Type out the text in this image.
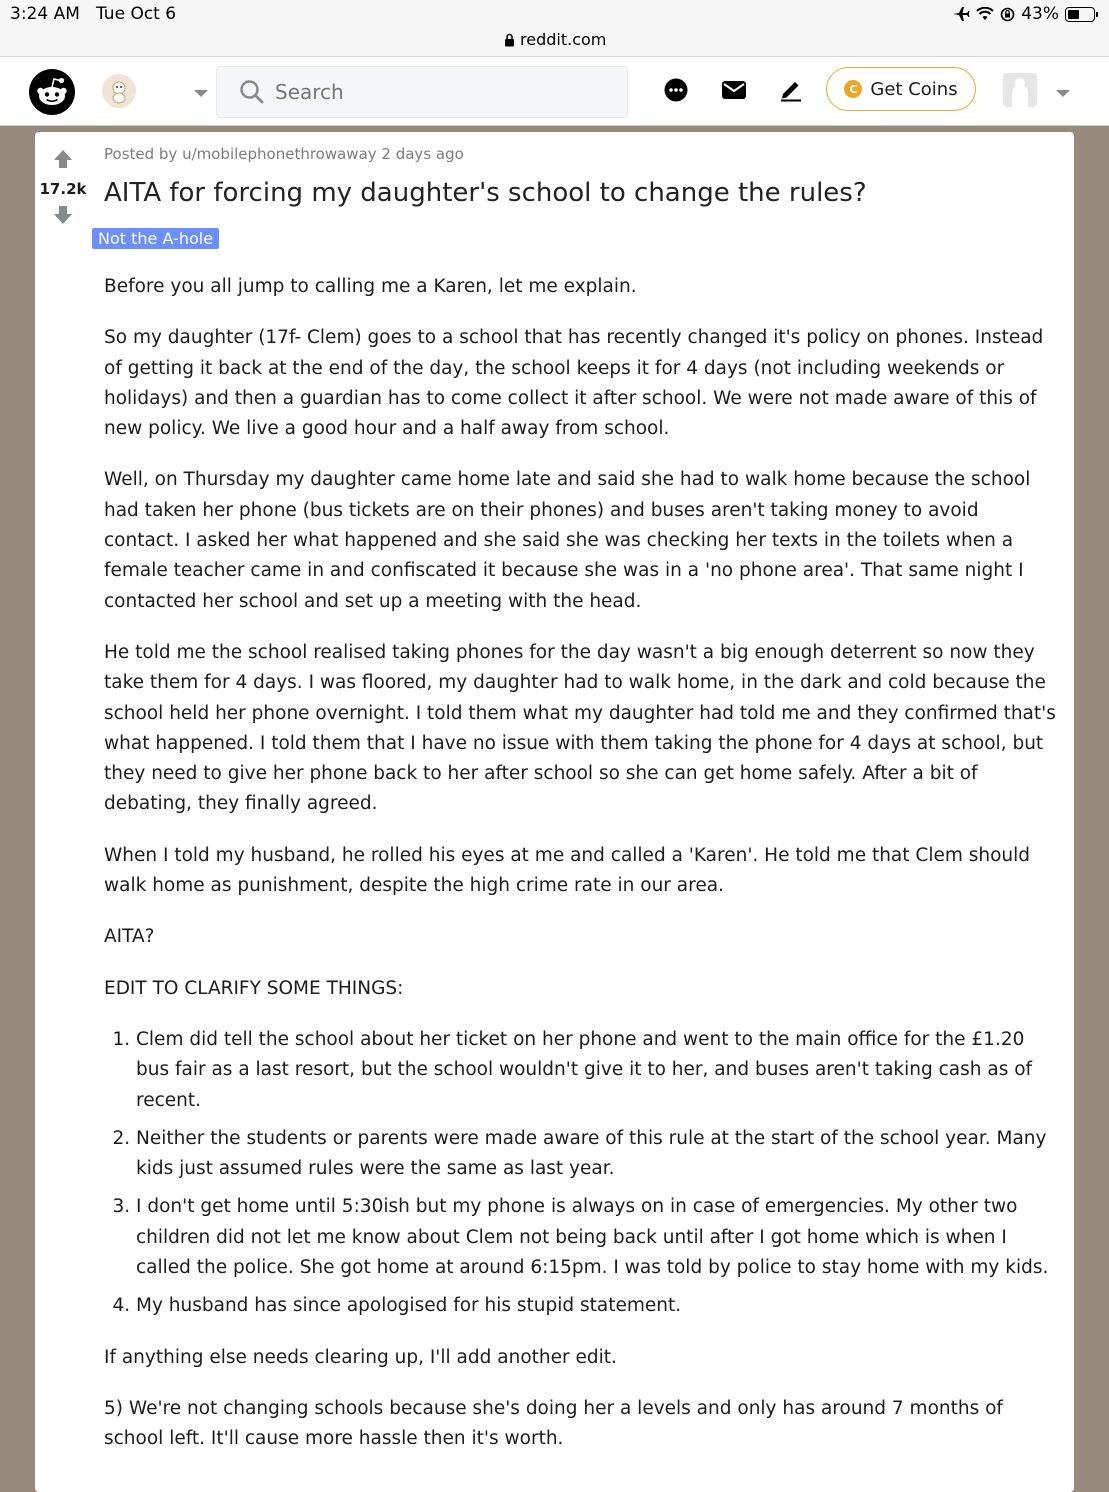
3:24 AM Tue Oct 6	43%
reddit.com
Search
C Get Coins
17.2k
Posted by u/mobilephonethrowaway 2 days ago
AITA for forcing my daughter's school to change the rules?
Not the A-hole

Before you all jump to calling me a Karen, let me explain.

So my daughter (17f- Clem) goes to a school that has recently changed it's policy on phones. Instead of getting it back at the end of the day, the school keeps it for 4 days (not including weekends or holidays) and then a guardian has to come collect it after school. We were not made aware of this of new policy. We live a good hour and a half away from school.

Well, on Thursday my daughter came home late and said she had to walk home because the school had taken her phone (bus tickets are on their phones) and buses aren't taking money to avoid contact. I asked her what happened and she said she was checking her texts in the toilets when a female teacher came in and confiscated it because she was in a 'no phone area'. That same night I contacted her school and set up a meeting with the head.

He told me the school realised taking phones for the day wasn't a big enough deterrent so now they take them for 4 days. I was floored, my daughter had to walk home, in the dark and cold because the school held her phone overnight. I told them what my daughter had told me and they confirmed that's what happened. I told them that I have no issue with them taking the phone for 4 days at school, but they need to give her phone back to her after school so she can get home safely. After a bit of debating, they finally agreed.

When I told my husband, he rolled his eyes at me and called a 'Karen'. He told me that Clem should walk home as punishment, despite the high crime rate in our area.

AITA?

EDIT TO CLARIFY SOME THINGS:

1. Clem did tell the school about her ticket on her phone and went to the main office for the £1.20 bus fair as a last resort, but the school wouldn't give it to her, and buses aren't taking cash as of recent.
2. Neither the students or parents were made aware of this rule at the start of the school year. Many kids just assumed rules were the same as last year.
3. I don't get home until 5:30ish but my phone is always on in case of emergencies. My other two children did not let me know about Clem not being back until after I got home which is when I called the police. She got home at around 6:15pm. I was told by police to stay home with my kids.
4. My husband has since apologised for his stupid statement.

If anything else needs clearing up, I'll add another edit.

5) We're not changing schools because she's doing her a levels and only has around 7 months of school left. It'll cause more hassle then it's worth.
